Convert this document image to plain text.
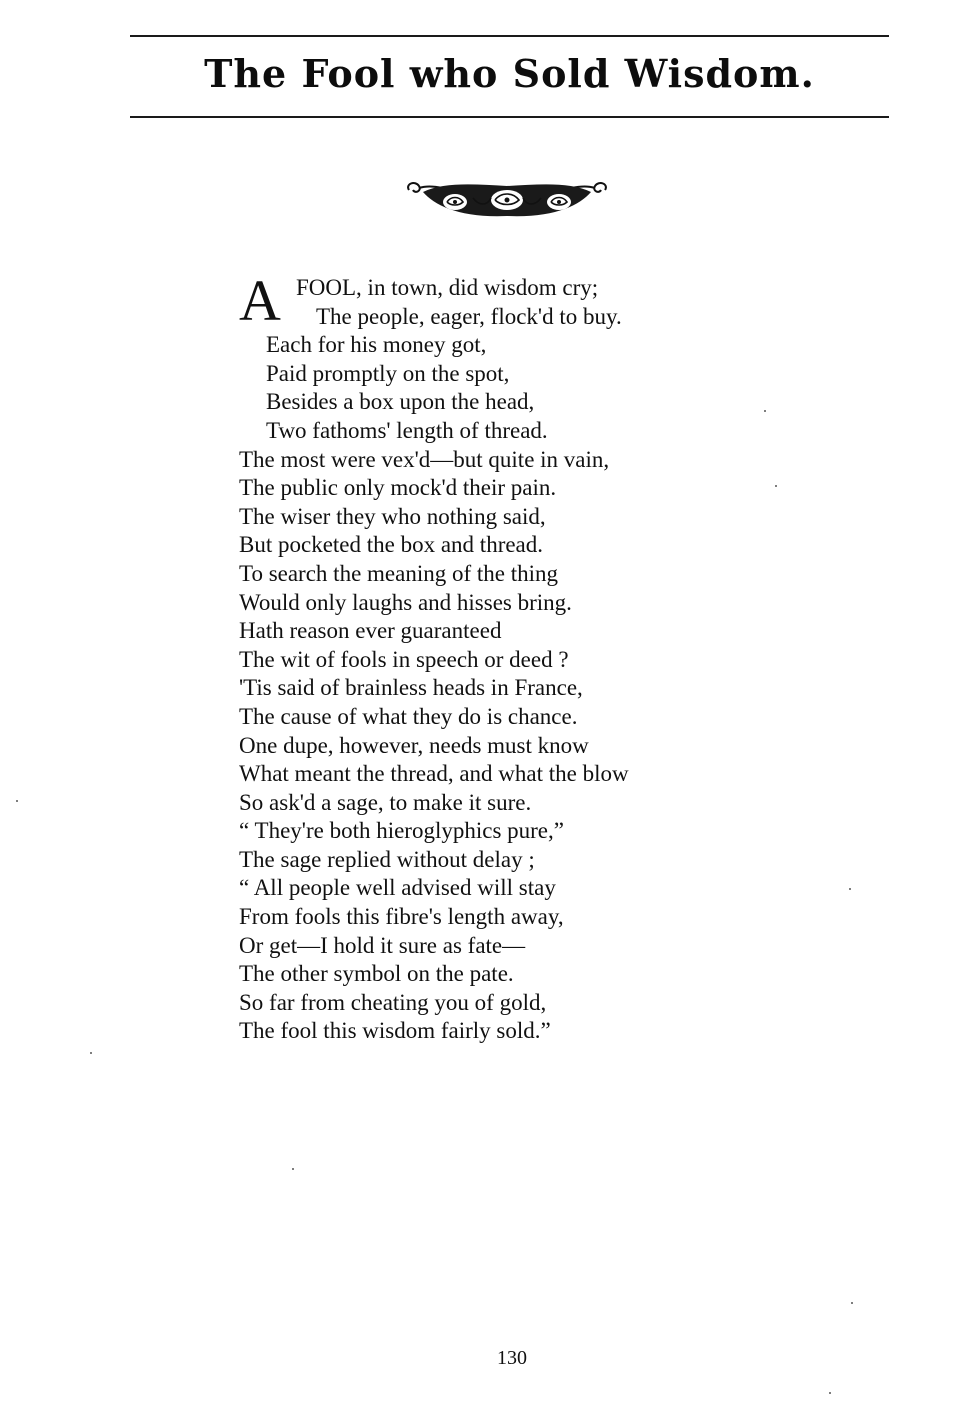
The Fool who Sold Wisdom.
A FOOL, in town, did wisdom cry;
The people, eager, flock'd to buy.
Each for his money got,
Paid promptly on the spot,
Besides a box upon the head,
Two fathoms' length of thread.
The most were vex'd—but quite in vain,
The public only mock'd their pain.
The wiser they who nothing said,
But pocketed the box and thread.
To search the meaning of the thing
Would only laughs and hisses bring.
Hath reason ever guaranteed
The wit of fools in speech or deed ?
'Tis said of brainless heads in France,
The cause of what they do is chance.
One dupe, however, needs must know
What meant the thread, and what the blow
So ask'd a sage, to make it sure.
“ They're both hieroglyphics pure,”
The sage replied without delay ;
“ All people well advised will stay
From fools this fibre's length away,
Or get—I hold it sure as fate—
The other symbol on the pate.
So far from cheating you of gold,
The fool this wisdom fairly sold.”
130
